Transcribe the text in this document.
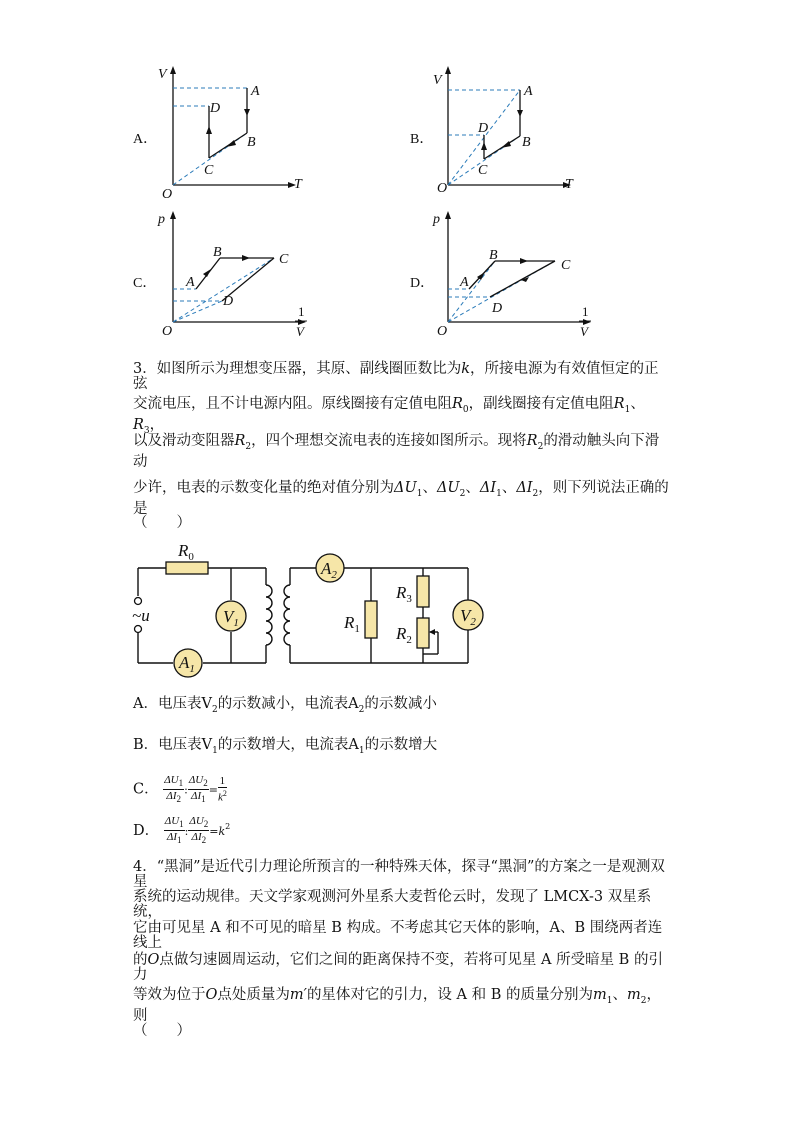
A．
V
T
O
A
B
C
D
B．
V
T
O
A
B
C
D
C．
p
1
V
O
A
B	C
D
D．
p
1
V
O
A
B
C
D
3．如图所示为理想变压器，其原、副线圈匝数比为k，所接电源为有效值恒定的正弦
交流电压，且不计电源内阻。原线圈接有定值电阻$R_0$，副线圈接有定值电阻$R_1$、$R_3$，
以及滑动变阻器$R_2$，四个理想交流电表的连接如图所示。现将$R_2$的滑动触头向下滑动
少许，电表的示数变化量的绝对值分别为$\Delta U_1$、$\Delta U_2$、$\Delta I_1$、$\Delta I_2$，则下列说法正确的是
（　　）
$R_0$
~u	$V_1$
$A_1$
$A_2$
$R_1$
$R_3$
$R_2$
$V_2$
A．电压表$V_2$的示数减小，电流表$A_2$的示数减小
B．电压表$V_1$的示数增大，电流表$A_1$的示数增大
C． $\frac{\Delta U_1}{\Delta I_2}$ : $\frac{\Delta U_2}{\Delta I_1} = \frac{1}{k^2}$
D． $\frac{\Delta U_1}{\Delta I_1}$ : $\frac{\Delta U_2}{\Delta I_2} =k^2$
4．“黑洞”是近代引力理论所预言的一种特殊天体，探寻“黑洞”的方案之一是观测双星
系统的运动规律。天文学家观测河外星系大麦哲伦云时，发现了 LMCX-3 双星系统，
它由可见星 A 和不可见的暗星 B 构成。不考虑其它天体的影响，A、B 围绕两者连线上
的O点做匀速圆周运动，它们之间的距离保持不变，若将可见星 A 所受暗星 B 的引力
等效为位于O点处质量为m′的星体对它的引力，设 A 和 B 的质量分别为$m_1$、$m_2$，则
（　　）
